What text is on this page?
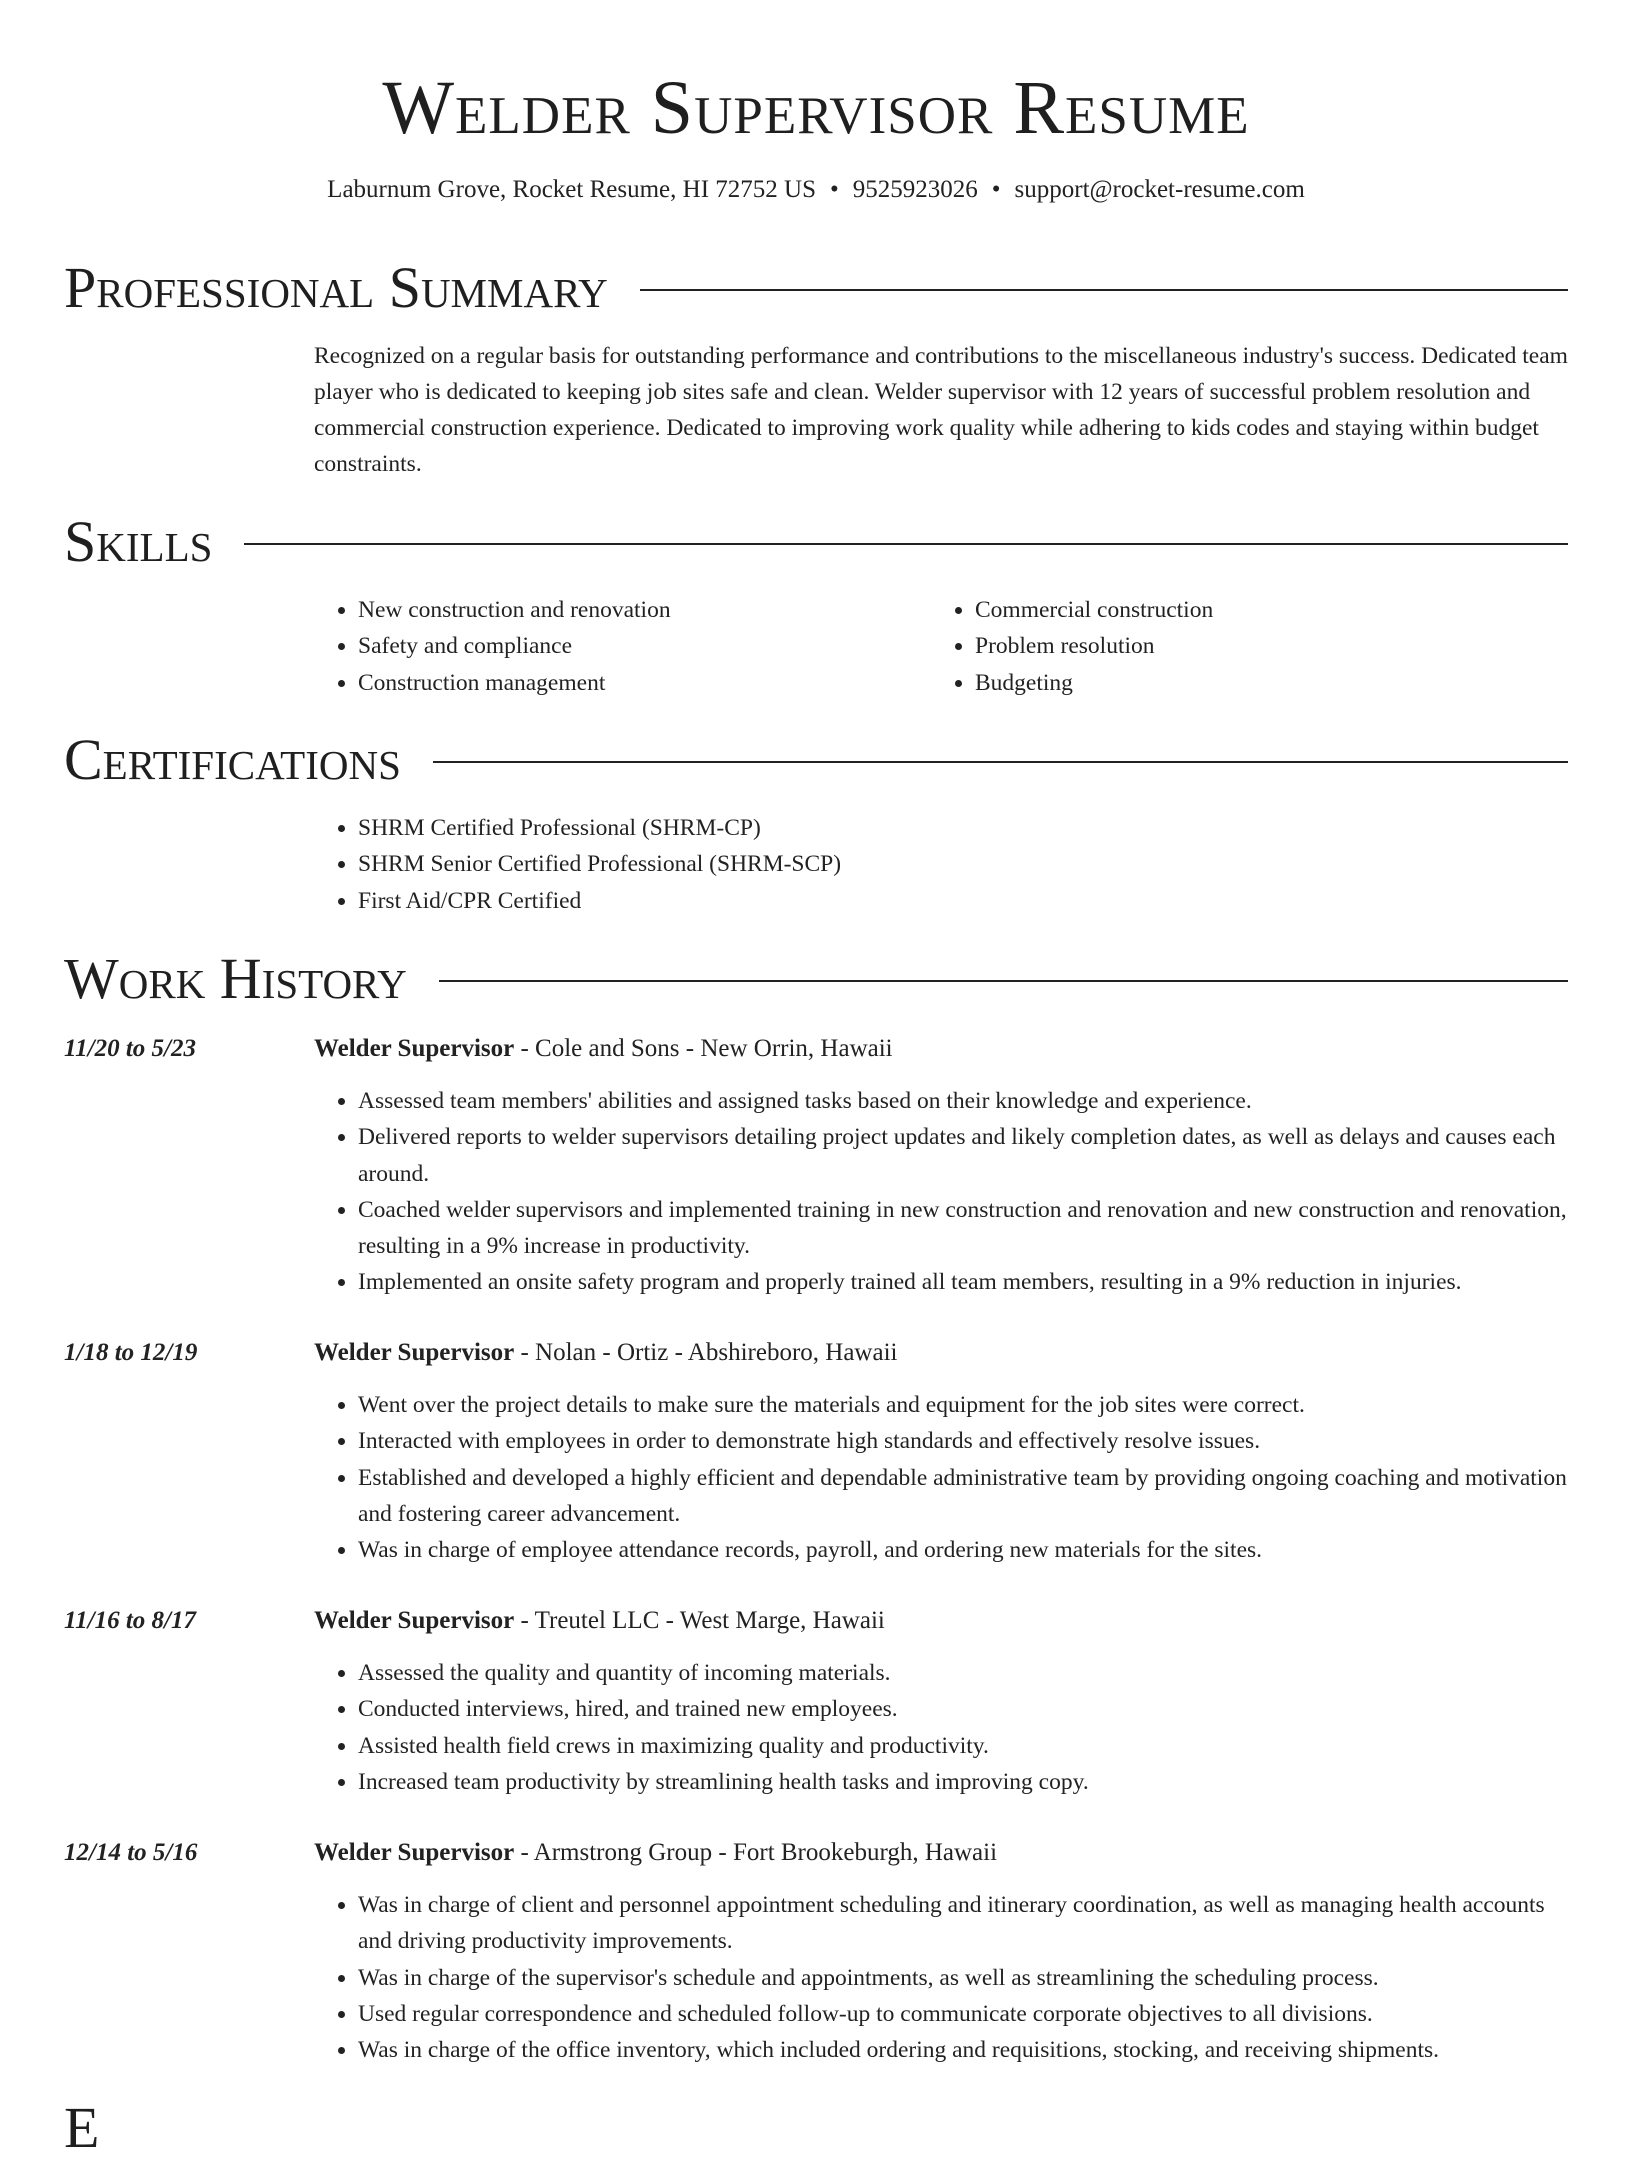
Welder Supervisor Resume
Laburnum Grove, Rocket Resume, HI 72752 US • 9525923026 • support@rocket-resume.com
Professional Summary
Recognized on a regular basis for outstanding performance and contributions to the miscellaneous industry's success. Dedicated team player who is dedicated to keeping job sites safe and clean. Welder supervisor with 12 years of successful problem resolution and commercial construction experience. Dedicated to improving work quality while adhering to kids codes and staying within budget constraints.
Skills
• New construction and renovation
• Safety and compliance
• Construction management
• Commercial construction
• Problem resolution
• Budgeting
Certifications
• SHRM Certified Professional (SHRM-CP)
• SHRM Senior Certified Professional (SHRM-SCP)
• First Aid/CPR Certified
Work History
11/20 to 5/23	Welder Supervisor - Cole and Sons - New Orrin, Hawaii
• Assessed team members' abilities and assigned tasks based on their knowledge and experience.
• Delivered reports to welder supervisors detailing project updates and likely completion dates, as well as delays and causes each around.
• Coached welder supervisors and implemented training in new construction and renovation and new construction and renovation, resulting in a 9% increase in productivity.
• Implemented an onsite safety program and properly trained all team members, resulting in a 9% reduction in injuries.
1/18 to 12/19	Welder Supervisor - Nolan - Ortiz - Abshireboro, Hawaii
• Went over the project details to make sure the materials and equipment for the job sites were correct.
• Interacted with employees in order to demonstrate high standards and effectively resolve issues.
• Established and developed a highly efficient and dependable administrative team by providing ongoing coaching and motivation and fostering career advancement.
• Was in charge of employee attendance records, payroll, and ordering new materials for the sites.
11/16 to 8/17	Welder Supervisor - Treutel LLC - West Marge, Hawaii
• Assessed the quality and quantity of incoming materials.
• Conducted interviews, hired, and trained new employees.
• Assisted health field crews in maximizing quality and productivity.
• Increased team productivity by streamlining health tasks and improving copy.
12/14 to 5/16	Welder Supervisor - Armstrong Group - Fort Brookeburgh, Hawaii
• Was in charge of client and personnel appointment scheduling and itinerary coordination, as well as managing health accounts and driving productivity improvements.
• Was in charge of the supervisor's schedule and appointments, as well as streamlining the scheduling process.
• Used regular correspondence and scheduled follow-up to communicate corporate objectives to all divisions.
• Was in charge of the office inventory, which included ordering and requisitions, stocking, and receiving shipments.
E
